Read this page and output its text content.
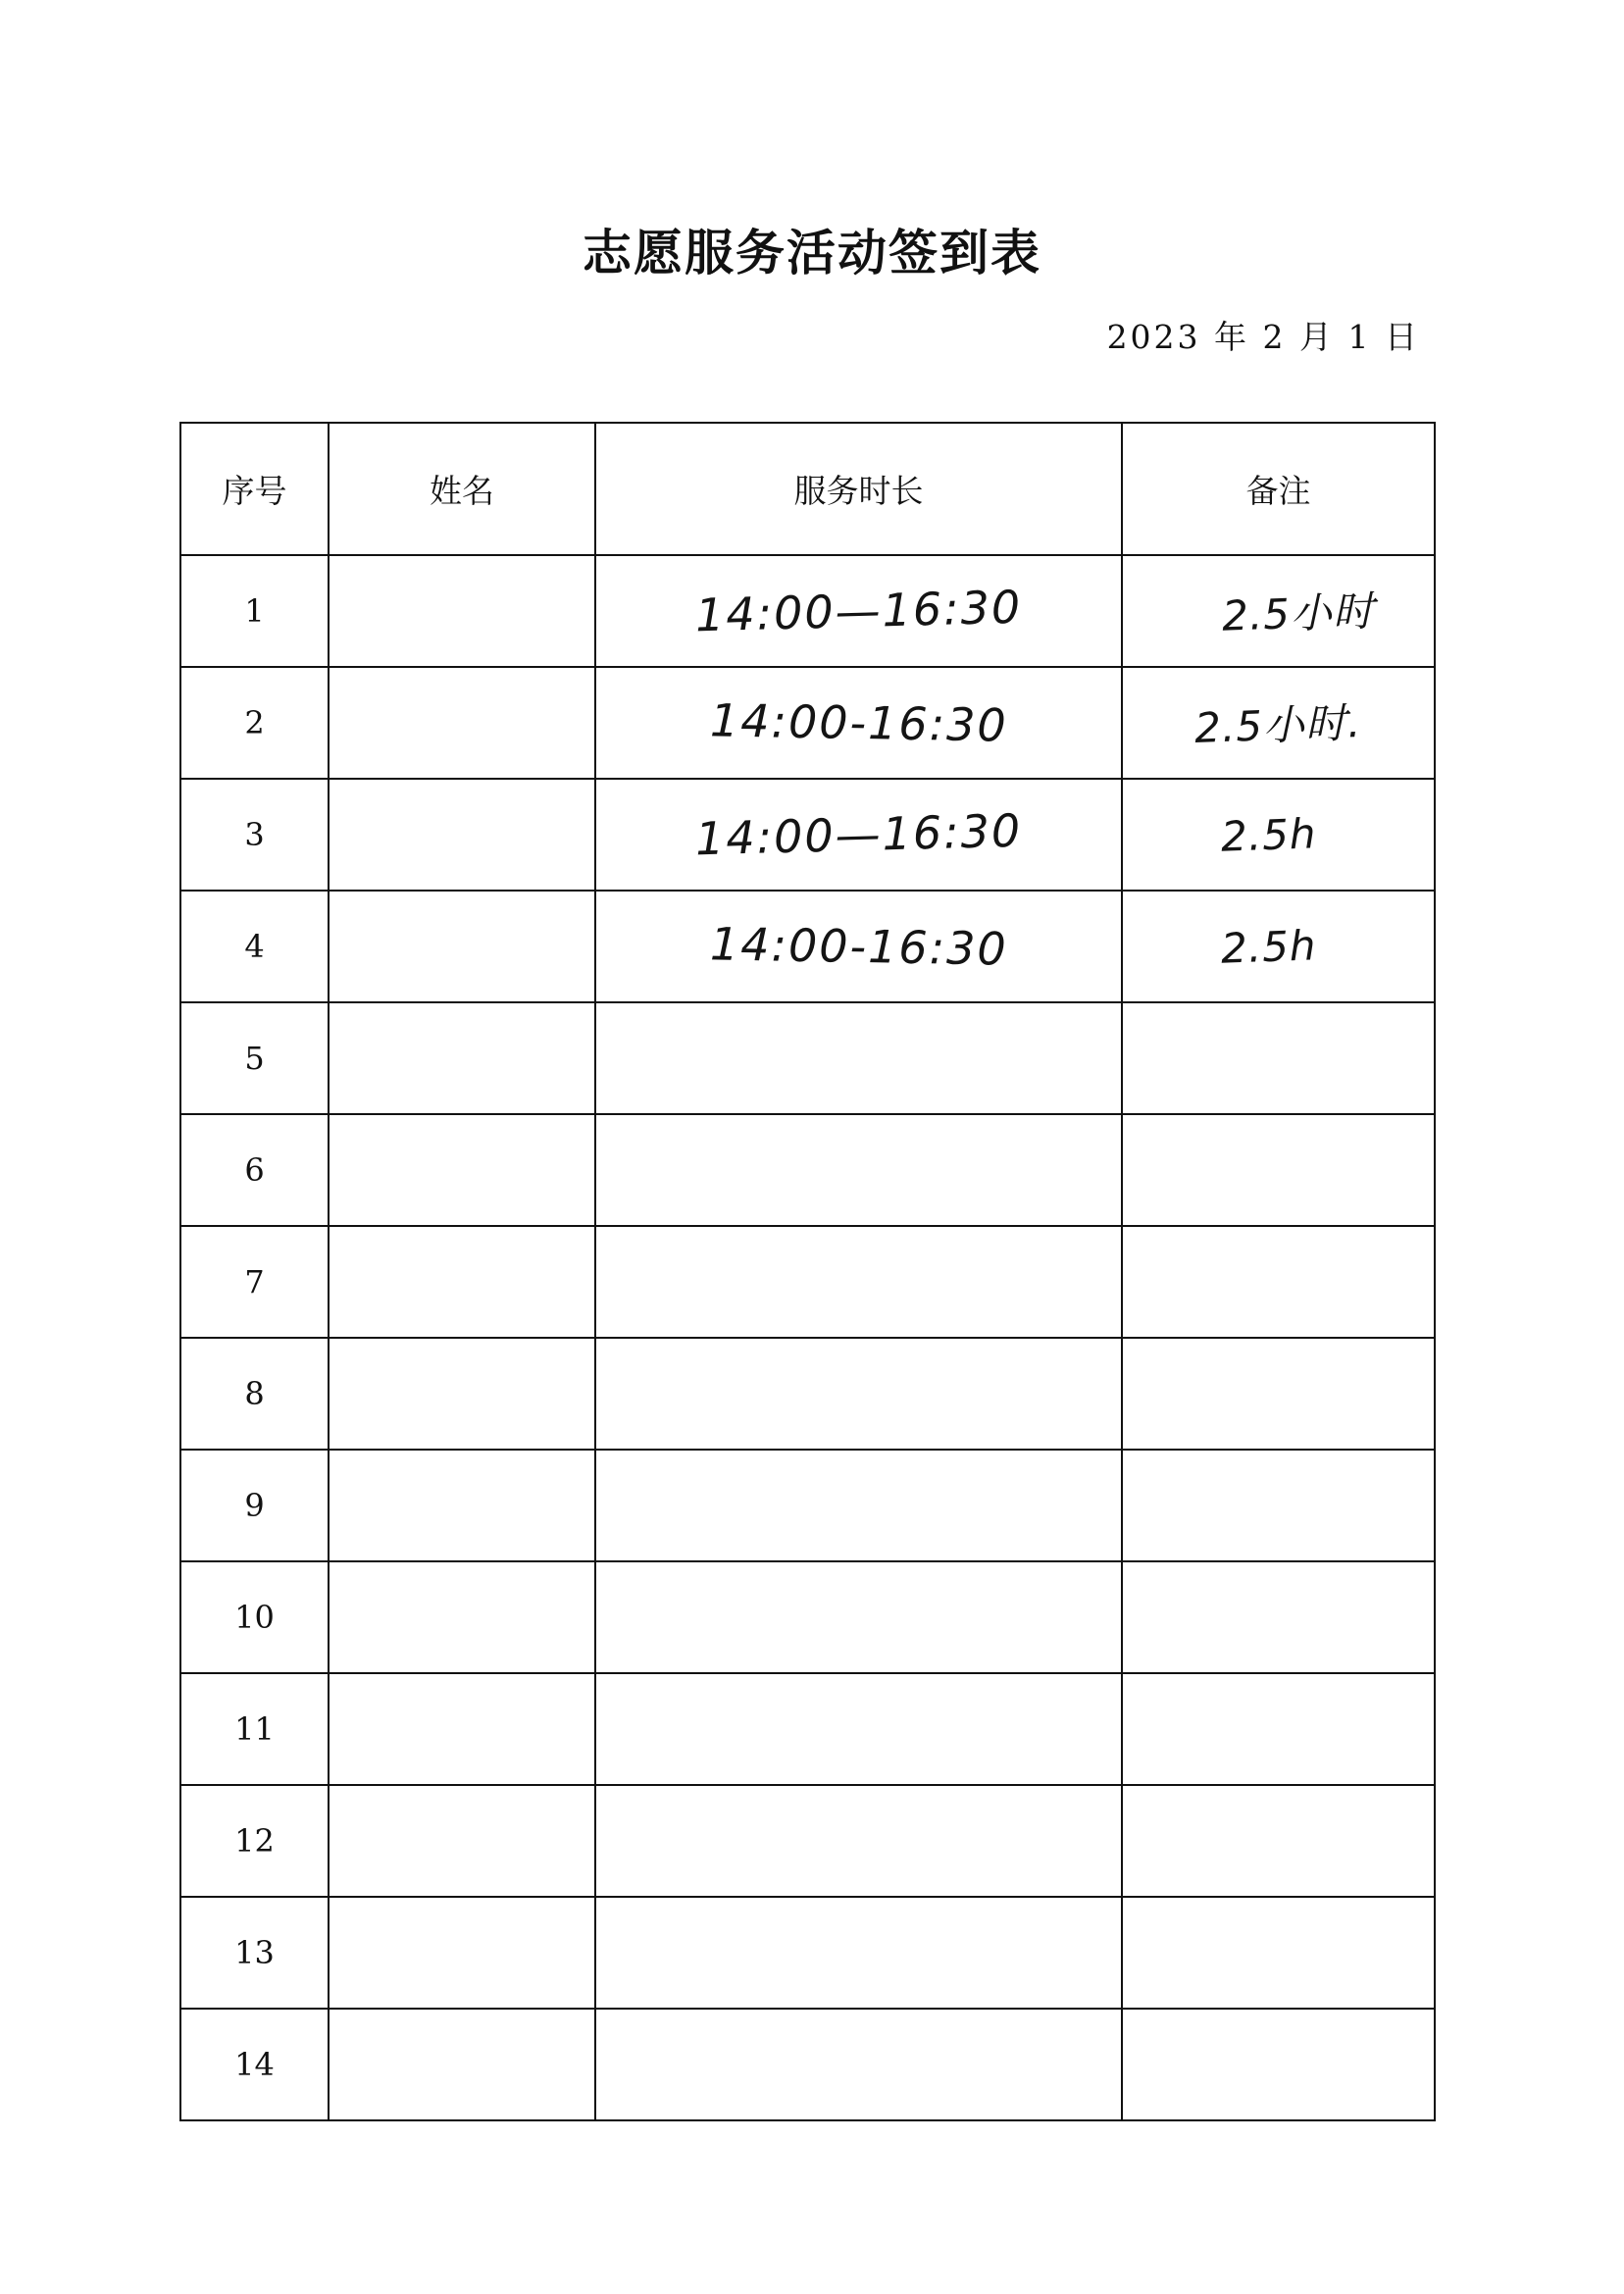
志愿服务活动签到表
2023 年 2 月 1 日
序号	姓名	服务时长	备注
1		14:00—16:30	2.5小时
2		14:00-16:30	2.5小时.
3		14:00—16:30	2.5h
4		14:00-16:30	2.5h
5			
6			
7			
8			
9			
10			
11			
12			
13			
14			
